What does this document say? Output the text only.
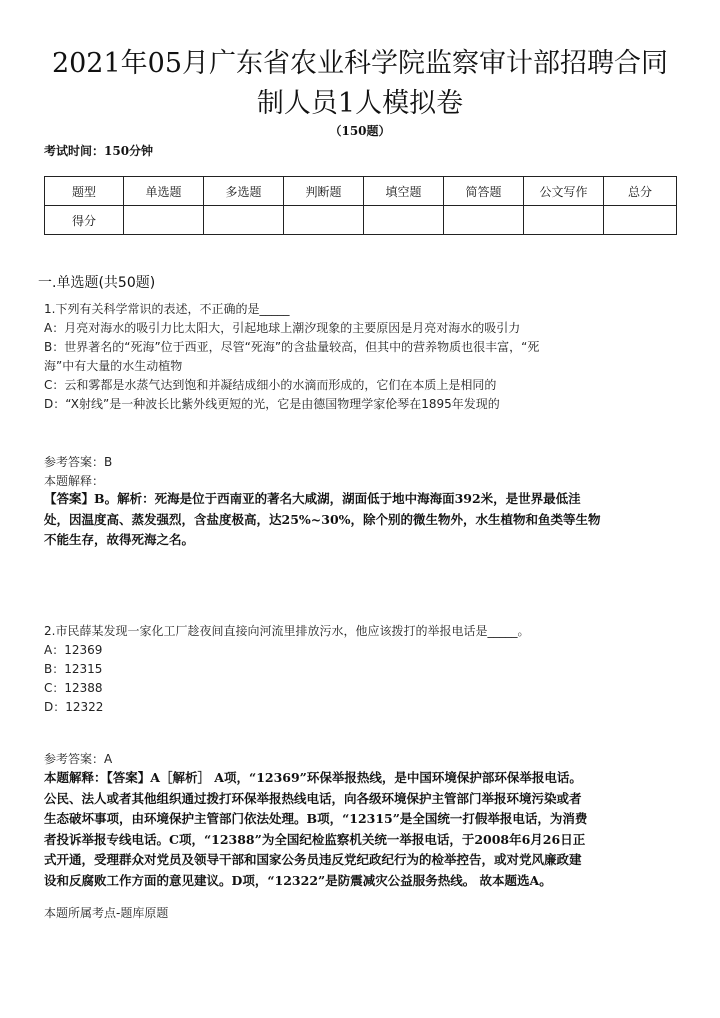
2021年05月广东省农业科学院监察审计部招聘合同
制人员1人模拟卷
（150题）
考试时间：150分钟
题型	单选题	多选题	判断题	填空题	简答题	公文写作	总分
得分							
一.单选题(共50题)
1.下列有关科学常识的表述，不正确的是_____
A：月亮对海水的吸引力比太阳大，引起地球上潮汐现象的主要原因是月亮对海水的吸引力
B：世界著名的“死海”位于西亚，尽管“死海”的含盐量较高，但其中的营养物质也很丰富，“死
海”中有大量的水生动植物
C：云和雾都是水蒸气达到饱和并凝结成细小的水滴而形成的，它们在本质上是相同的
D：“X射线”是一种波长比紫外线更短的光，它是由德国物理学家伦琴在1895年发现的
参考答案：B
本题解释：
【答案】B。解析：死海是位于西南亚的著名大咸湖，湖面低于地中海海面392米，是世界最低洼
处，因温度高、蒸发强烈，含盐度极高，达25%~30%，除个别的微生物外，水生植物和鱼类等生物
不能生存，故得死海之名。
2.市民薛某发现一家化工厂趁夜间直接向河流里排放污水，他应该拨打的举报电话是_____。
A：12369
B：12315
C：12388
D：12322
参考答案：A
本题解释：【答案】A［解析］ A项，“12369”环保举报热线，是中国环境保护部环保举报电话。
公民、法人或者其他组织通过拨打环保举报热线电话，向各级环境保护主管部门举报环境污染或者
生态破坏事项，由环境保护主管部门依法处理。B项，“12315”是全国统一打假举报电话，为消费
者投诉举报专线电话。C项，“12388”为全国纪检监察机关统一举报电话，于2008年6月26日正
式开通，受理群众对党员及领导干部和国家公务员违反党纪政纪行为的检举控告，或对党风廉政建
设和反腐败工作方面的意见建议。D项，“12322”是防震减灾公益服务热线。 故本题选A。
本题所属考点-题库原题
